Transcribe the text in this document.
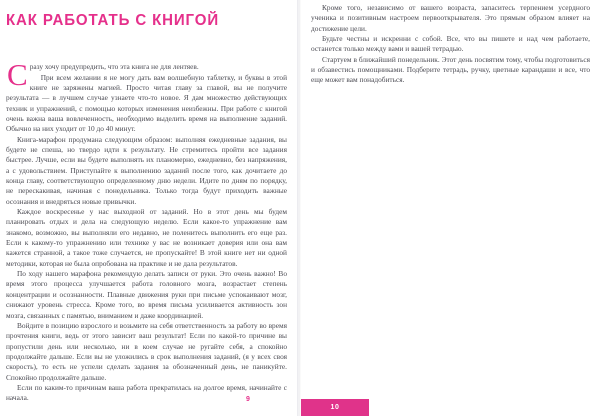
КАК РАБОТАТЬ С КНИГОЙ

Сразу хочу предупредить, что эта книга не для лентяев.
При всем желании я не могу дать вам волшебную таблетку, и буквы в этой книге не заряжены магией. Просто читая главу за главой, вы не получите результата — в лучшем случае узнаете что-то новое. Я дам множество действующих техник и упражнений, с помощью которых изменения неизбежны. При работе с книгой очень важна ваша вовлеченность, необходимо выделить время на выполнение заданий. Обычно на них уходит от 10 до 40 минут.

Книга-марафон продумана следующим образом: выполняя ежедневные задания, вы будете не спеша, но твердо идти к результату. Не стремитесь пройти все задания быстрее. Лучше, если вы будете выполнять их планомерно, ежедневно, без напряжения, а с удовольствием. Приступайте к выполнению заданий после того, как дочитаете до конца главу, соответствующую определенному дню недели. Идите по дням по порядку, не перескакивая, начиная с понедельника. Только тогда будут приходить важные осознания и внедряться новые привычки.

Каждое воскресенье у нас выходной от заданий. Но в этот день мы будем планировать отдых и дела на следующую неделю. Если какое-то упражнение вам знакомо, возможно, вы выполняли его недавно, не поленитесь выполнить его еще раз. Если к какому-то упражнению или технике у вас не возникает доверия или она вам кажется странной, а такое тоже случается, не пропускайте! В этой книге нет ни одной методики, которая не была опробована на практике и не дала результатов.

По ходу нашего марафона рекомендую делать записи от руки. Это очень важно! Во время этого процесса улучшается работа головного мозга, возрастает степень концентрации и осознанности. Плавные движения руки при письме успокаивают мозг, снижают уровень стресса. Кроме того, во время письма усиливается активность зон мозга, связанных с памятью, вниманием и даже координацией.

Войдите в позицию взрослого и возьмите на себя ответственность за работу во время прочтения книги, ведь от этого зависит ваш результат! Если по какой-то причине вы пропустили день или несколько, ни в коем случае не ругайте себя, а спокойно продолжайте дальше. Если вы не уложились в срок выполнения заданий, (я у всех своя скорость), то есть не успели сделать задания за обозначенный день, не паникуйте. Спокойно продолжайте дальше.

Если по каким-то причинам ваша работа прекратилась на долгое время, начинайте с начала.	9

Кроме того, независимо от вашего возраста, запаситесь терпением усердного ученика и позитивным настроем первооткрывателя. Это прямым образом влияет на достижение цели.

Будьте честны и искренни с собой. Все, что вы пишете и над чем работаете, останется только между вами и вашей тетрадью.

Стартуем в ближайший понедельник. Этот день посвятим тому, чтобы подготовиться и обзавестись помощниками. Подберите тетрадь, ручку, цветные карандаши и все, что еще может вам понадобиться.

10
